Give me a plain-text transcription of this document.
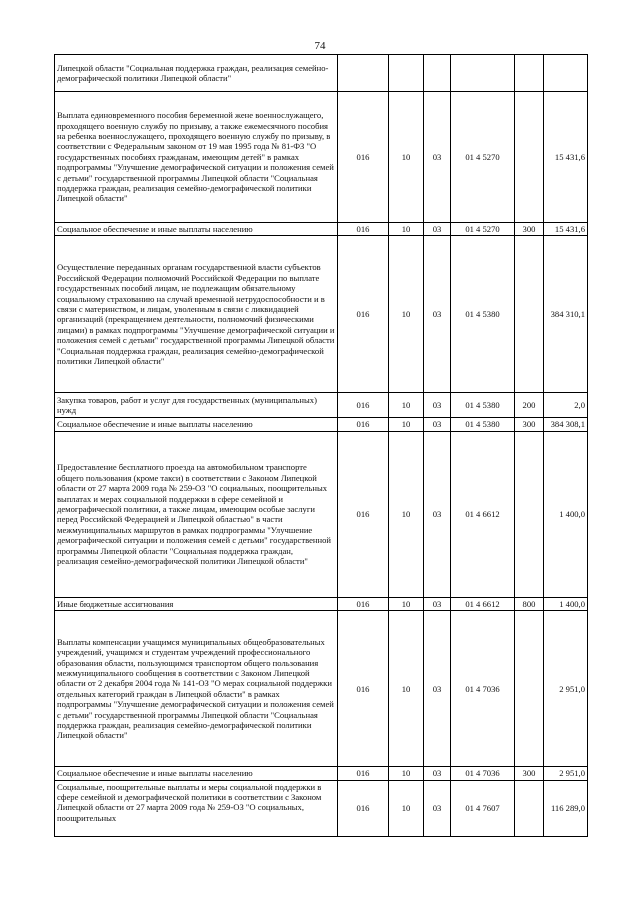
74
Липецкой области "Социальная поддержка граждан, реализация семейно-демографической политики Липецкой области"						
Выплата единовременного пособия беременной жене военнослужащего, проходящего военную службу по призыву, а также ежемесячного пособия на ребенка военнослужащего, проходящего военную службу по призыву, в соответствии с Федеральным законом от 19 мая 1995 года № 81-ФЗ "О государственных пособиях гражданам, имеющим детей" в рамках подпрограммы "Улучшение демографической ситуации и положения семей с детьми" государственной программы Липецкой области "Социальная поддержка граждан, реализация семейно-демографической политики Липецкой области"	016	10	03	01 4 5270		15 431,6
Социальное обеспечение и иные выплаты населению	016	10	03	01 4 5270	300	15 431,6
Осуществление переданных органам государственной власти субъектов Российской Федерации полномочий Российской Федерации по выплате государственных пособий лицам, не подлежащим обязательному социальному страхованию на случай временной нетрудоспособности и в связи с материнством, и лицам, уволенным в связи с ликвидацией организаций (прекращением деятельности, полномочий физическими лицами) в рамках подпрограммы "Улучшение демографической ситуации и положения семей с детьми" государственной программы Липецкой области "Социальная поддержка граждан, реализация семейно-демографической политики Липецкой области"	016	10	03	01 4 5380		384 310,1
Закупка товаров, работ и услуг для государственных (муниципальных) нужд	016	10	03	01 4 5380	200	2,0
Социальное обеспечение и иные выплаты населению	016	10	03	01 4 5380	300	384 308,1
Предоставление бесплатного проезда на автомобильном транспорте общего пользования (кроме такси) в соответствии с Законом Липецкой области от 27 марта 2009 года № 259-ОЗ "О социальных, поощрительных выплатах и мерах социальной поддержки в сфере семейной и демографической политики, а также лицам, имеющим особые заслуги перед Российской Федерацией и Липецкой областью" в части межмуниципальных маршрутов в рамках подпрограммы "Улучшение демографической ситуации и положения семей с детьми" государственной программы Липецкой области "Социальная поддержка граждан, реализация семейно-демографической политики Липецкой области"	016	10	03	01 4 6612		1 400,0
Иные бюджетные ассигнования	016	10	03	01 4 6612	800	1 400,0
Выплаты компенсации учащимся муниципальных общеобразовательных учреждений, учащимся и студентам учреждений профессионального образования области, пользующимся транспортом общего пользования межмуниципального сообщения в соответствии с Законом Липецкой области от 2 декабря 2004 года № 141-ОЗ "О мерах социальной поддержки отдельных категорий граждан в Липецкой области" в рамках подпрограммы "Улучшение демографической ситуации и положения семей с детьми" государственной программы Липецкой области "Социальная поддержка граждан, реализация семейно-демографической политики Липецкой области"	016	10	03	01 4 7036		2 951,0
Социальное обеспечение и иные выплаты населению	016	10	03	01 4 7036	300	2 951,0
Социальные, поощрительные выплаты и меры социальной поддержки в сфере семейной и демографической политики в соответствии с Законом Липецкой области от 27 марта 2009 года № 259-ОЗ "О социальных, поощрительных	016	10	03	01 4 7607		116 289,0
